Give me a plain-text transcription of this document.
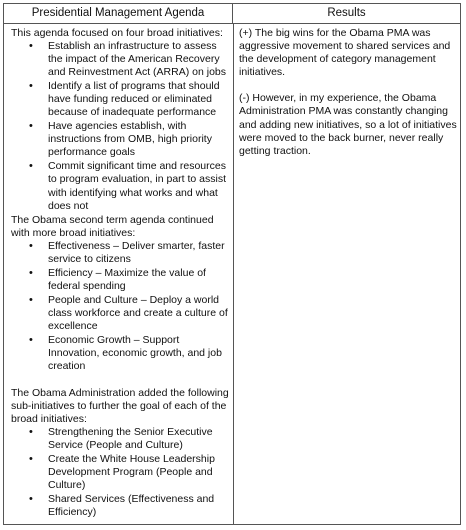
Presidential Management Agenda	Results

This agenda focused on four broad initiatives:

• Establish an infrastructure to assess the impact of the American Recovery and Reinvestment Act (ARRA) on jobs
• Identify a list of programs that should have funding reduced or eliminated because of inadequate performance
• Have agencies establish, with instructions from OMB, high priority performance goals
• Commit significant time and resources to program evaluation, in part to assist with identifying what works and what does not

The Obama second term agenda continued with more broad initiatives:

• Effectiveness – Deliver smarter, faster service to citizens
• Efficiency – Maximize the value of federal spending
• People and Culture – Deploy a world class workforce and create a culture of excellence
• Economic Growth – Support Innovation, economic growth, and job creation

The Obama Administration added the following sub-initiatives to further the goal of each of the broad initiatives:

• Strengthening the Senior Executive Service (People and Culture)
• Create the White House Leadership Development Program (People and Culture)
• Shared Services (Effectiveness and Efficiency)

(+) The big wins for the Obama PMA was aggressive movement to shared services and the development of category management initiatives.

(-) However, in my experience, the Obama Administration PMA was constantly changing and adding new initiatives, so a lot of initiatives were moved to the back burner, never really getting traction.
